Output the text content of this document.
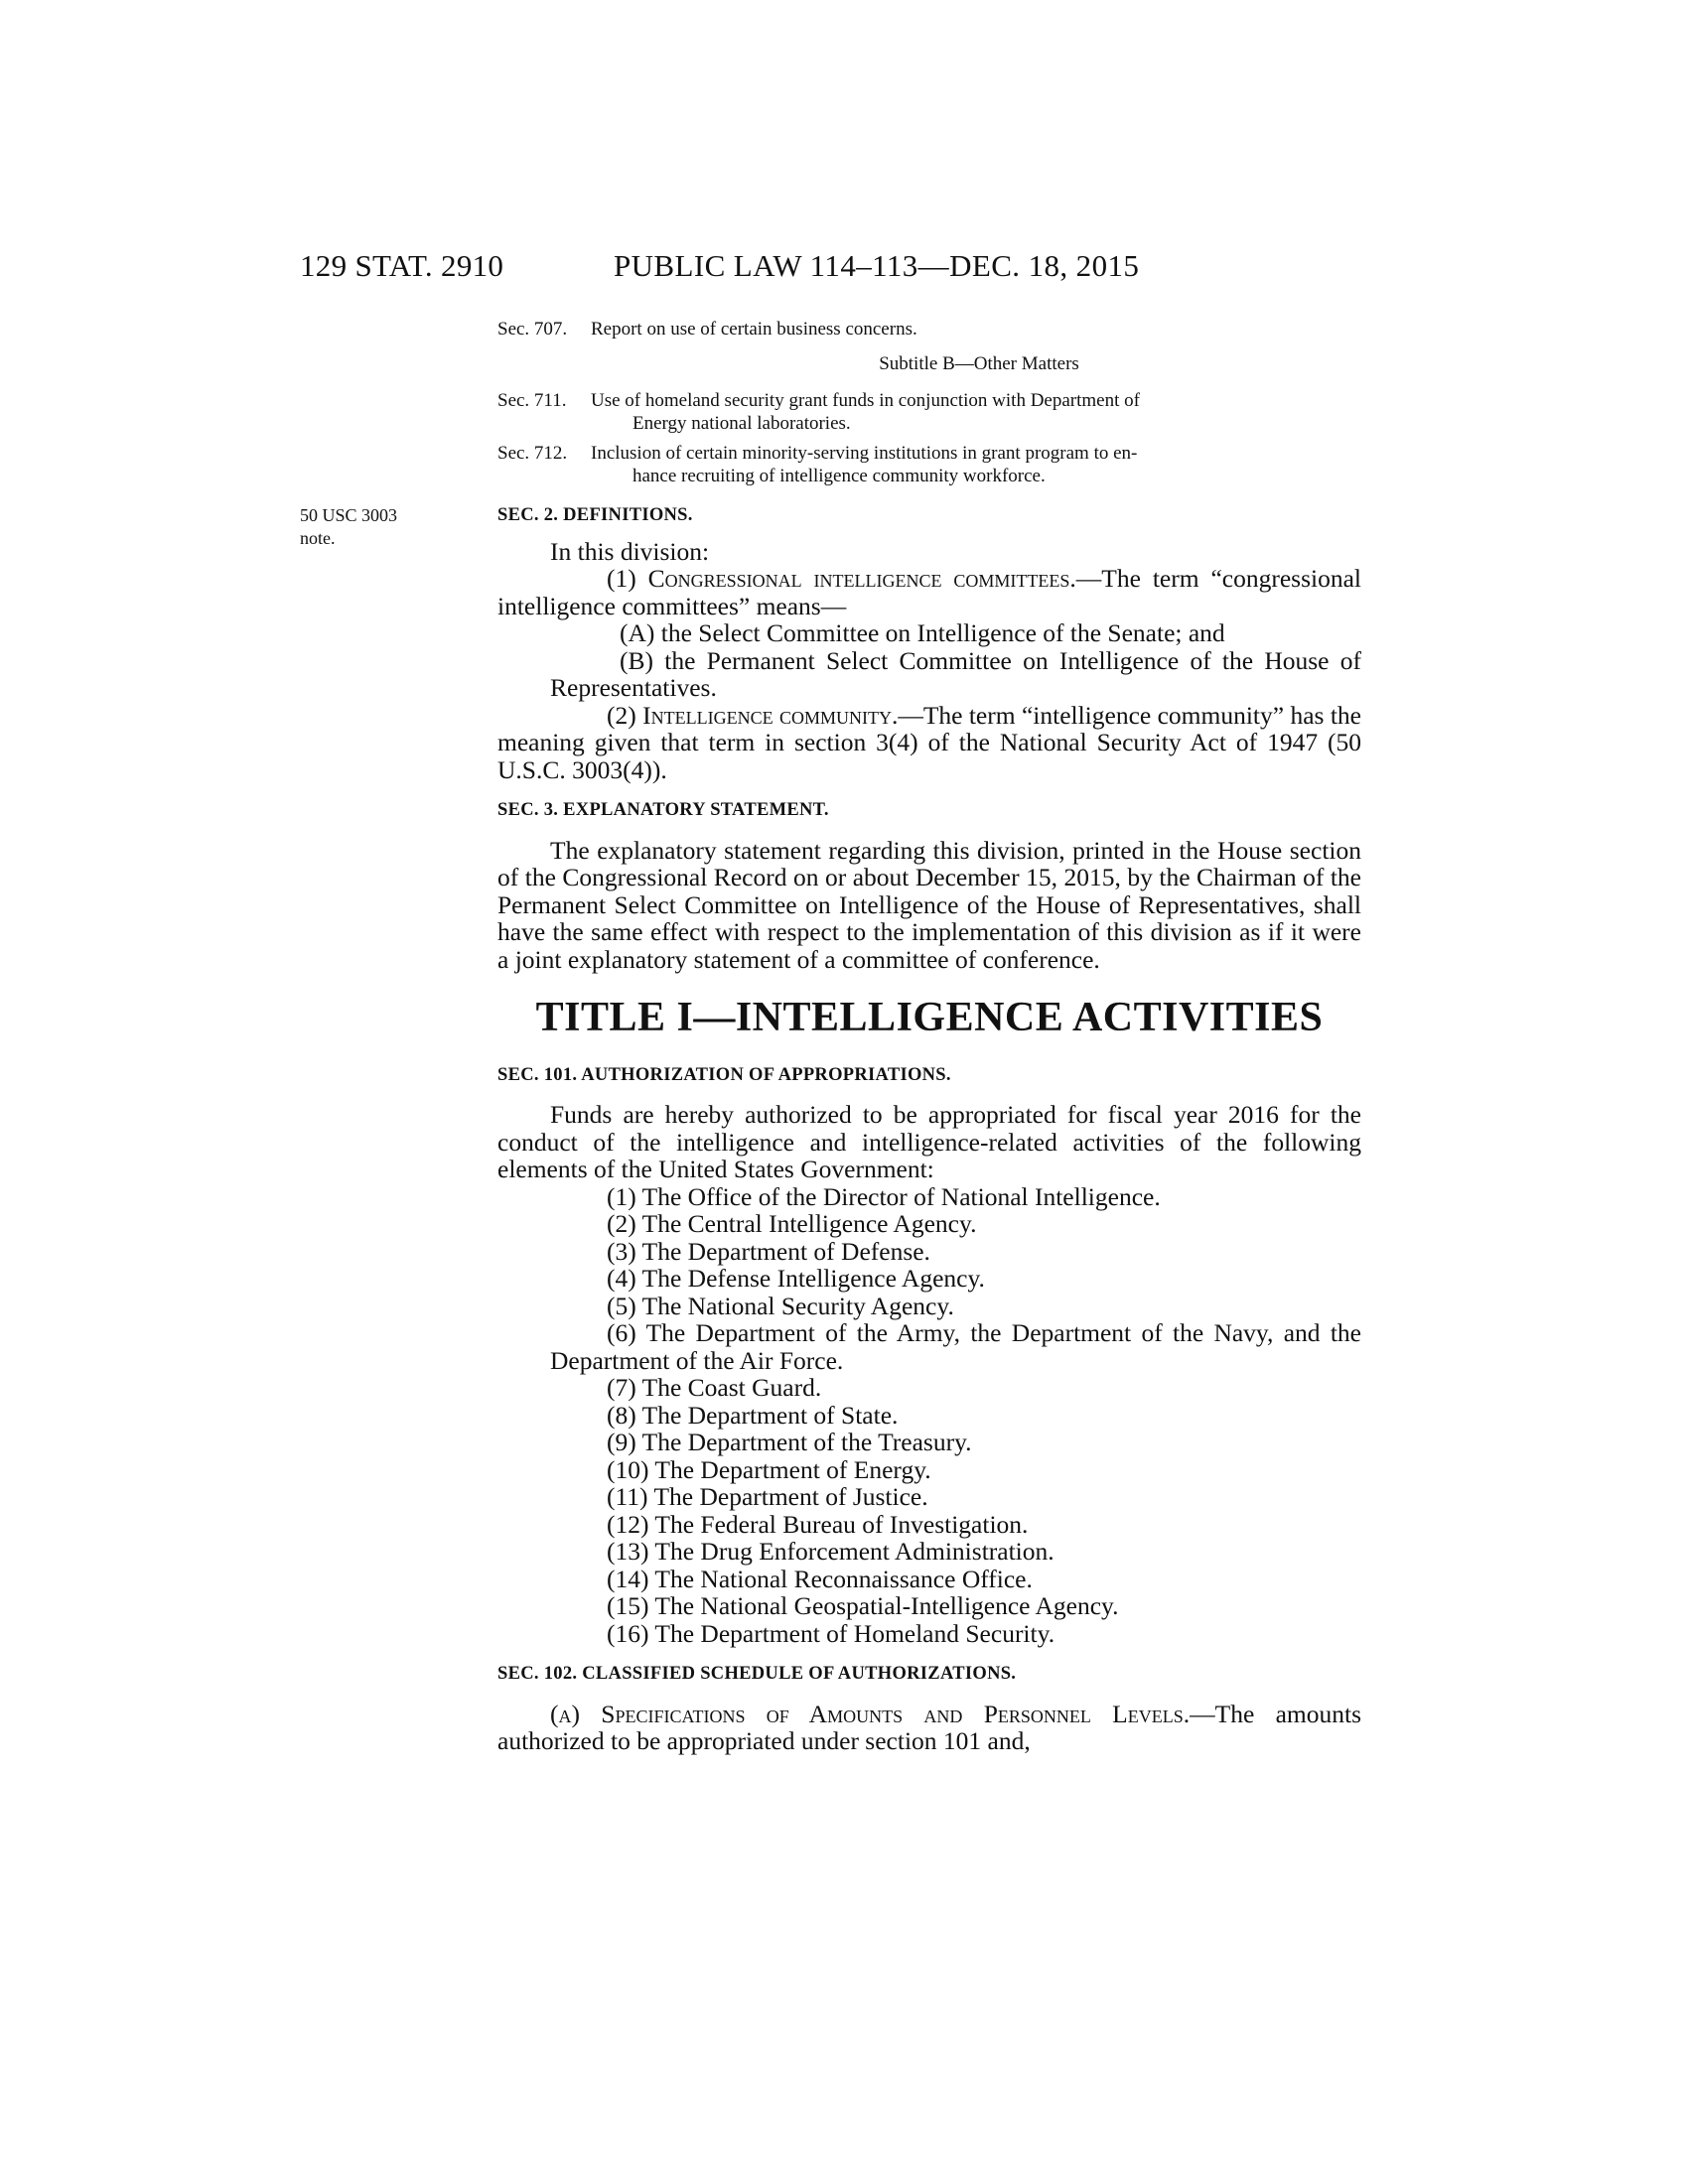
129 STAT. 2910	PUBLIC LAW 114–113—DEC. 18, 2015
50 USC 3003
note.
Sec. 707.	Report on use of certain business concerns.
Subtitle B—Other Matters
Sec. 711.	Use of homeland security grant funds in conjunction with Department of
Energy national laboratories.
Sec. 712.	Inclusion of certain minority-serving institutions in grant program to en-
hance recruiting of intelligence community workforce.

SEC. 2. DEFINITIONS.

In this division:

(1) Congressional intelligence committees.—The term “congressional intelligence committees” means—

(A) the Select Committee on Intelligence of the Senate; and

(B) the Permanent Select Committee on Intelligence of the House of Representatives.

(2) Intelligence community.—The term “intelligence community” has the meaning given that term in section 3(4) of the National Security Act of 1947 (50 U.S.C. 3003(4)).

SEC. 3. EXPLANATORY STATEMENT.

The explanatory statement regarding this division, printed in the House section of the Congressional Record on or about December 15, 2015, by the Chairman of the Permanent Select Committee on Intelligence of the House of Representatives, shall have the same effect with respect to the implementation of this division as if it were a joint explanatory statement of a committee of conference.

TITLE I—INTELLIGENCE ACTIVITIES

SEC. 101. AUTHORIZATION OF APPROPRIATIONS.

Funds are hereby authorized to be appropriated for fiscal year 2016 for the conduct of the intelligence and intelligence-related activities of the following elements of the United States Government:

(1) The Office of the Director of National Intelligence.

(2) The Central Intelligence Agency.

(3) The Department of Defense.

(4) The Defense Intelligence Agency.

(5) The National Security Agency.

(6) The Department of the Army, the Department of the Navy, and the Department of the Air Force.

(7) The Coast Guard.

(8) The Department of State.

(9) The Department of the Treasury.

(10) The Department of Energy.

(11) The Department of Justice.

(12) The Federal Bureau of Investigation.

(13) The Drug Enforcement Administration.

(14) The National Reconnaissance Office.

(15) The National Geospatial-Intelligence Agency.

(16) The Department of Homeland Security.

SEC. 102. CLASSIFIED SCHEDULE OF AUTHORIZATIONS.

(a) Specifications of Amounts and Personnel Levels.—The amounts authorized to be appropriated under section 101 and,
